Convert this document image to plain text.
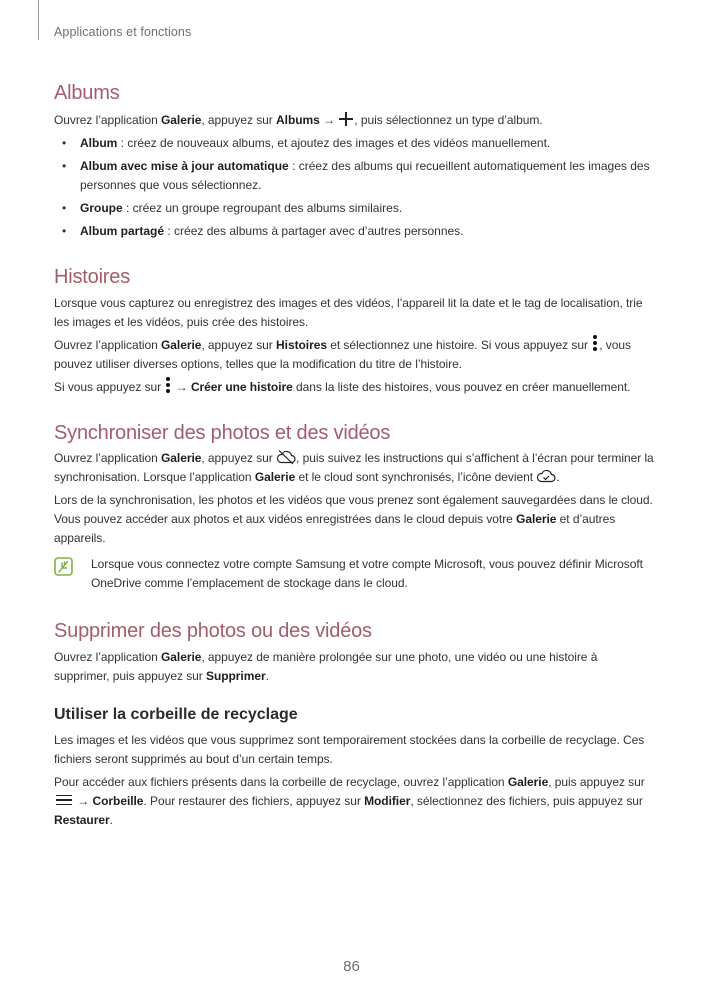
Applications et fonctions
Albums

Ouvrez l’application Galerie, appuyez sur Albums → , puis sélectionnez un type d’album.

• Album : créez de nouveaux albums, et ajoutez des images et des vidéos manuellement.
• Album avec mise à jour automatique : créez des albums qui recueillent automatiquement les images des personnes que vous sélectionnez.
• Groupe : créez un groupe regroupant des albums similaires.
• Album partagé : créez des albums à partager avec d’autres personnes.
Histoires

Lorsque vous capturez ou enregistrez des images et des vidéos, l’appareil lit la date et le tag de localisation, trie les images et les vidéos, puis crée des histoires.

Ouvrez l’application Galerie, appuyez sur Histoires et sélectionnez une histoire. Si vous appuyez sur
, vous pouvez utiliser diverses options, telles que la modification du titre de l’histoire.

Si vous appuyez sur
→ Créer une histoire dans la liste des histoires, vous pouvez en créer manuellement.

Synchroniser des photos et des vidéos

Ouvrez l’application Galerie, appuyez sur , puis suivez les instructions qui s’affichent à l’écran pour terminer la synchronisation. Lorsque l’application Galerie et le cloud sont synchronisés, l’icône devient .

Lors de la synchronisation, les photos et les vidéos que vous prenez sont également sauvegardées dans le cloud. Vous pouvez accéder aux photos et aux vidéos enregistrées dans le cloud depuis votre Galerie et d’autres appareils.

Lorsque vous connectez votre compte Samsung et votre compte Microsoft, vous pouvez définir Microsoft OneDrive comme l’emplacement de stockage dans le cloud.

Supprimer des photos ou des vidéos

Ouvrez l’application Galerie, appuyez de manière prolongée sur une photo, une vidéo ou une histoire à supprimer, puis appuyez sur Supprimer.

Utiliser la corbeille de recyclage

Les images et les vidéos que vous supprimez sont temporairement stockées dans la corbeille de recyclage. Ces fichiers seront supprimés au bout d’un certain temps.

Pour accéder aux fichiers présents dans la corbeille de recyclage, ouvrez l’application Galerie, puis appuyez sur
→ Corbeille. Pour restaurer des fichiers, appuyez sur Modifier, sélectionnez des fichiers, puis appuyez sur Restaurer.

86
